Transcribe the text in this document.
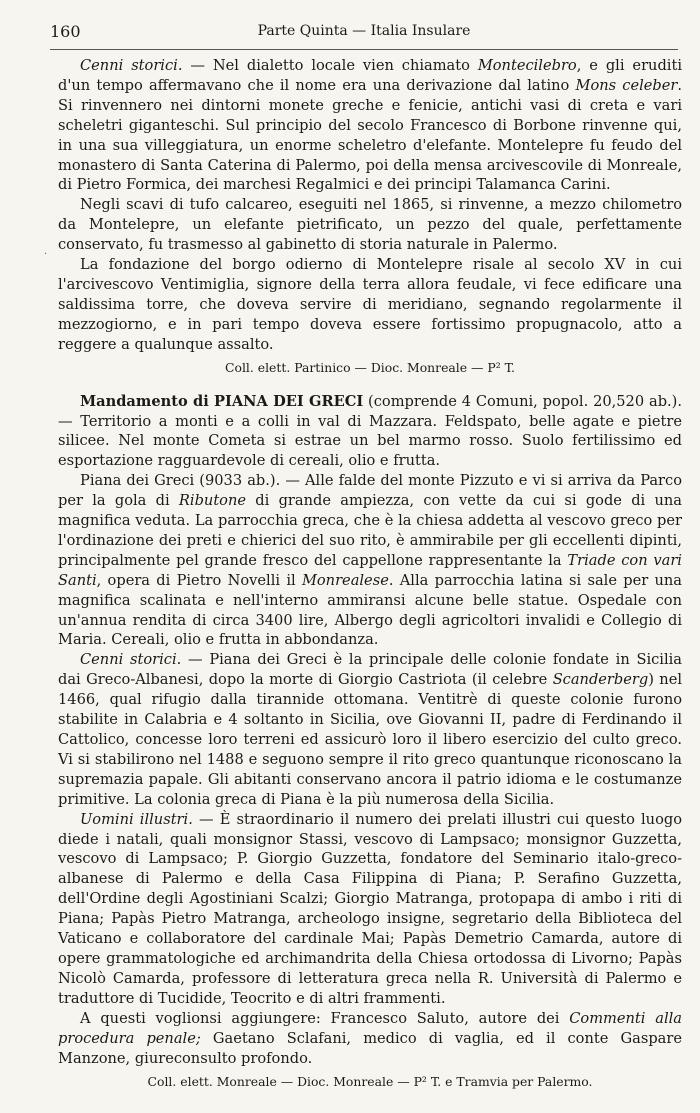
160	Parte Quinta — Italia Insulare
·

Cenni storici. — Nel dialetto locale vien chiamato Montecilebro, e gli eruditi d'un tempo affermavano che il nome era una derivazione dal latino Mons celeber. Si rinvennero nei dintorni monete greche e fenicie, antichi vasi di creta e vari scheletri giganteschi. Sul principio del secolo Francesco di Borbone rinvenne qui, in una sua villeggiatura, un enorme scheletro d'elefante. Montelepre fu feudo del monastero di Santa Caterina di Palermo, poi della mensa arcivescovile di Monreale, di Pietro Formica, dei marchesi Regalmici e dei principi Talamanca Carini.

Negli scavi di tufo calcareo, eseguiti nel 1865, si rinvenne, a mezzo chilometro da Montelepre, un elefante pietrificato, un pezzo del quale, perfettamente conservato, fu trasmesso al gabinetto di storia naturale in Palermo.

La fondazione del borgo odierno di Montelepre risale al secolo XV in cui l'arcivescovo Ventimiglia, signore della terra allora feudale, vi fece edificare una saldissima torre, che doveva servire di meridiano, segnando regolarmente il mezzogiorno, e in pari tempo doveva essere fortissimo propugnacolo, atto a reggere a qualunque assalto.

Coll. elett. Partinico — Dioc. Monreale — P² T.

Mandamento di PIANA DEI GRECI (comprende 4 Comuni, popol. 20,520 ab.). — Territorio a monti e a colli in val di Mazzara. Feldspato, belle agate e pietre silicee. Nel monte Cometa si estrae un bel marmo rosso. Suolo fertilissimo ed esportazione ragguardevole di cereali, olio e frutta.

Piana dei Greci (9033 ab.). — Alle falde del monte Pizzuto e vi si arriva da Parco per la gola di Ributone di grande ampiezza, con vette da cui si gode di una magnifica veduta. La parrocchia greca, che è la chiesa addetta al vescovo greco per l'ordinazione dei preti e chierici del suo rito, è ammirabile per gli eccellenti dipinti, principalmente pel grande fresco del cappellone rappresentante la Triade con vari Santi, opera di Pietro Novelli il Monrealese. Alla parrocchia latina si sale per una magnifica scalinata e nell'interno ammiransi alcune belle statue. Ospedale con un'annua rendita di circa 3400 lire, Albergo degli agricoltori invalidi e Collegio di Maria. Cereali, olio e frutta in abbondanza.

Cenni storici. — Piana dei Greci è la principale delle colonie fondate in Sicilia dai Greco-Albanesi, dopo la morte di Giorgio Castriota (il celebre Scanderberg) nel 1466, qual rifugio dalla tirannide ottomana. Ventitrè di queste colonie furono stabilite in Calabria e 4 soltanto in Sicilia, ove Giovanni II, padre di Ferdinando il Cattolico, concesse loro terreni ed assicurò loro il libero esercizio del culto greco. Vi si stabilirono nel 1488 e seguono sempre il rito greco quantunque riconoscano la supremazia papale. Gli abitanti conservano ancora il patrio idioma e le costumanze primitive. La colonia greca di Piana è la più numerosa della Sicilia.

Uomini illustri. — È straordinario il numero dei prelati illustri cui questo luogo diede i natali, quali monsignor Stassi, vescovo di Lampsaco; monsignor Guzzetta, vescovo di Lampsaco; P. Giorgio Guzzetta, fondatore del Seminario italo-greco-albanese di Palermo e della Casa Filippina di Piana; P. Serafino Guzzetta, dell'Ordine degli Agostiniani Scalzi; Giorgio Matranga, protopapa di ambo i riti di Piana; Papàs Pietro Matranga, archeologo insigne, segretario della Biblioteca del Vaticano e collaboratore del cardinale Mai; Papàs Demetrio Camarda, autore di opere grammatologiche ed archimandrita della Chiesa ortodossa di Livorno; Papàs Nicolò Camarda, professore di letteratura greca nella R. Università di Palermo e traduttore di Tucidide, Teocrito e di altri frammenti.

A questi voglionsi aggiungere: Francesco Saluto, autore dei Commenti alla procedura penale; Gaetano Sclafani, medico di vaglia, ed il conte Gaspare Manzone, giureconsulto profondo.

Coll. elett. Monreale — Dioc. Monreale — P² T. e Tramvia per Palermo.
